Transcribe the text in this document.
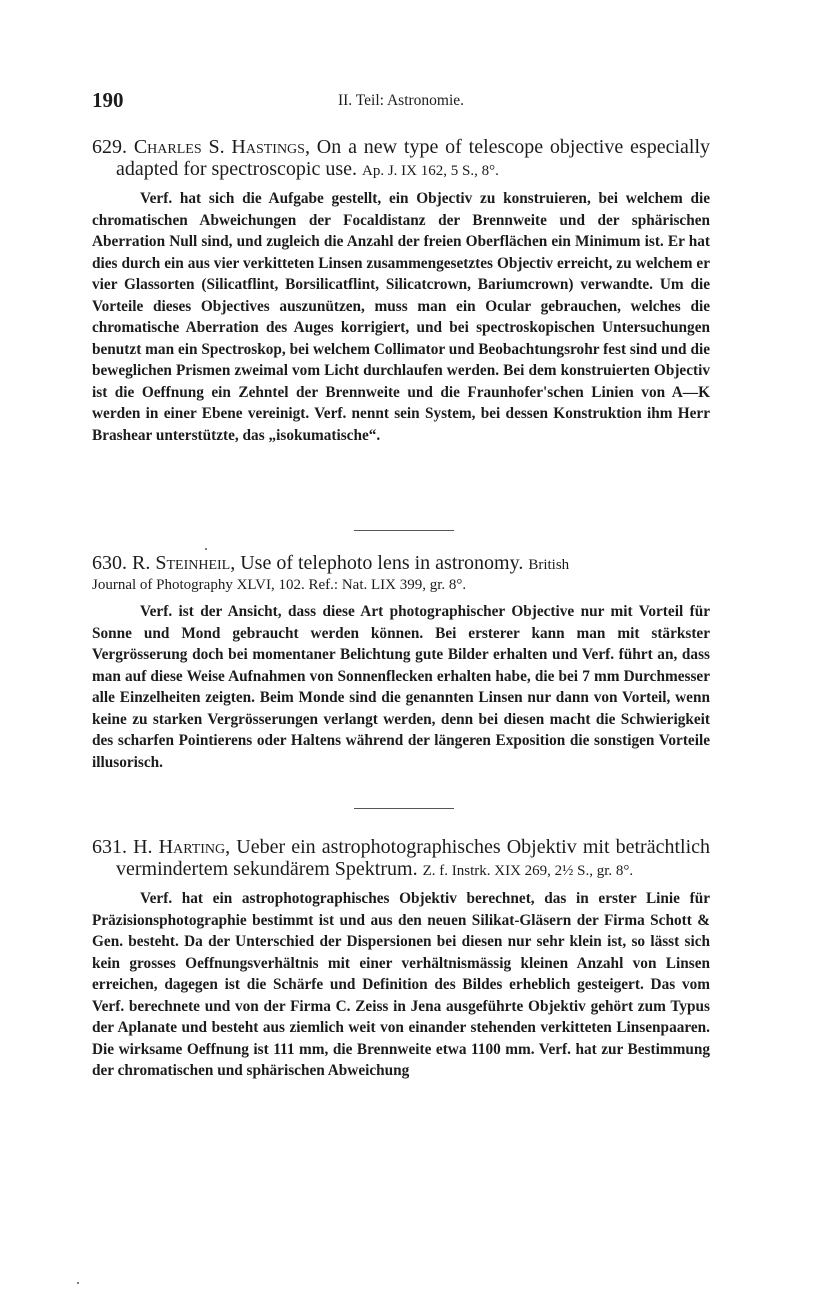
190	II. Teil: Astronomie.

629. Charles S. Hastings, On a new type of telescope objective especially adapted for spectroscopic use. Ap. J. IX 162, 5 S., 8°.

Verf. hat sich die Aufgabe gestellt, ein Objectiv zu konstruieren, bei welchem die chromatischen Abweichungen der Focaldistanz der Brennweite und der sphärischen Aberration Null sind, und zugleich die Anzahl der freien Oberflächen ein Minimum ist. Er hat dies durch ein aus vier verkitteten Linsen zusammengesetztes Objectiv erreicht, zu welchem er vier Glassorten (Silicatflint, Borsilicatflint, Silicatcrown, Bariumcrown) verwandte. Um die Vorteile dieses Objectives auszunützen, muss man ein Ocular gebrauchen, welches die chromatische Aberration des Auges korrigiert, und bei spectroskopischen Untersuchungen benutzt man ein Spectroskop, bei welchem Collimator und Beobachtungsrohr fest sind und die beweglichen Prismen zweimal vom Licht durchlaufen werden. Bei dem konstruierten Objectiv ist die Oeffnung ein Zehntel der Brennweite und die Fraunhofer'schen Linien von A—K werden in einer Ebene vereinigt. Verf. nennt sein System, bei dessen Konstruktion ihm Herr Brashear unterstützte, das „isokumatische“.

630. R. Steinheil, Use of telephoto lens in astronomy. British
Journal of Photography XLVI, 102. Ref.: Nat. LIX 399, gr. 8°.

Verf. ist der Ansicht, dass diese Art photographischer Objective nur mit Vorteil für Sonne und Mond gebraucht werden können. Bei ersterer kann man mit stärkster Vergrösserung doch bei momentaner Belichtung gute Bilder erhalten und Verf. führt an, dass man auf diese Weise Aufnahmen von Sonnenflecken erhalten habe, die bei 7 mm Durchmesser alle Einzelheiten zeigten. Beim Monde sind die genannten Linsen nur dann von Vorteil, wenn keine zu starken Vergrösserungen verlangt werden, denn bei diesen macht die Schwierigkeit des scharfen Pointierens oder Haltens während der längeren Exposition die sonstigen Vorteile illusorisch.

631. H. Harting, Ueber ein astrophotographisches Objektiv mit beträchtlich vermindertem sekundärem Spektrum. Z. f. Instrk. XIX 269, 2½ S., gr. 8°.

Verf. hat ein astrophotographisches Objektiv berechnet, das in erster Linie für Präzisionsphotographie bestimmt ist und aus den neuen Silikat-Gläsern der Firma Schott & Gen. besteht. Da der Unterschied der Dispersionen bei diesen nur sehr klein ist, so lässt sich kein grosses Oeffnungsverhältnis mit einer verhältnismässig kleinen Anzahl von Linsen erreichen, dagegen ist die Schärfe und Definition des Bildes erheblich gesteigert. Das vom Verf. berechnete und von der Firma C. Zeiss in Jena ausgeführte Objektiv gehört zum Typus der Aplanate und besteht aus ziemlich weit von einander stehenden verkitteten Linsenpaaren. Die wirksame Oeffnung ist 111 mm, die Brennweite etwa 1100 mm. Verf. hat zur Bestimmung der chromatischen und sphärischen Abweichung
